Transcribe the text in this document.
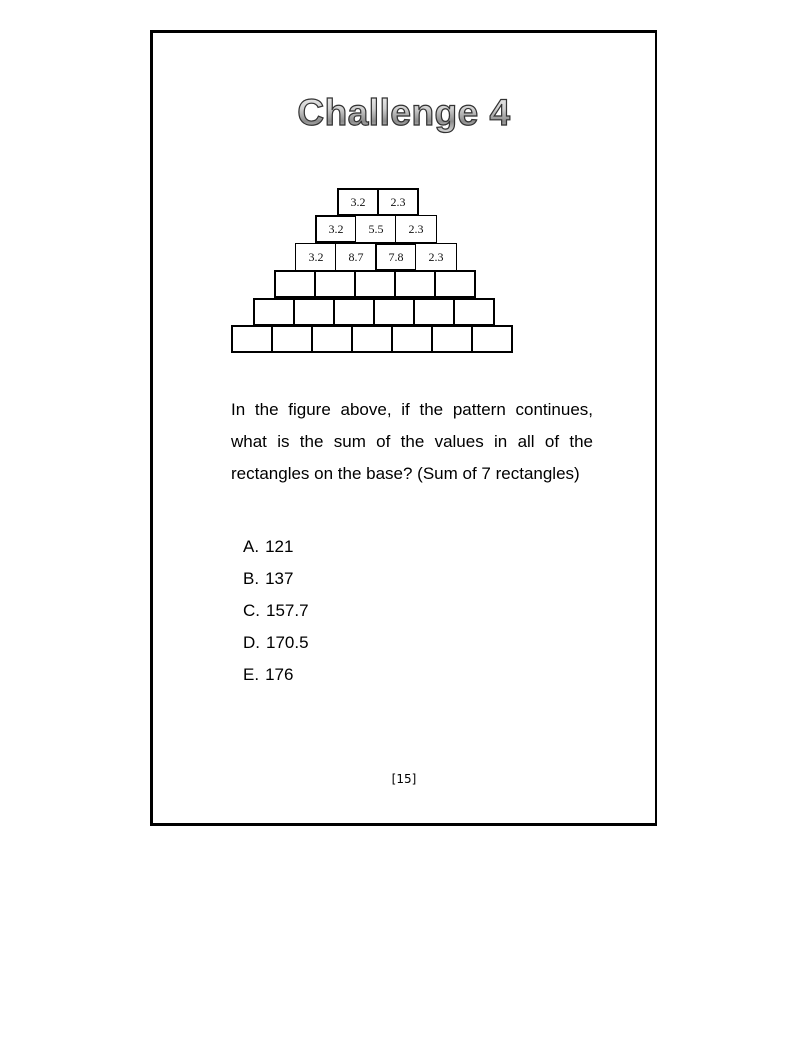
Challenge 4
3.2	2.3
3.2	5.5	2.3
3.2	8.7	7.8	2.3
In the figure above, if the pattern continues, what is the sum of the values in all of the rectangles on the base? (Sum of 7 rectangles)
A. 121
B. 137
C. 157.7
D. 170.5
E. 176
[15]
